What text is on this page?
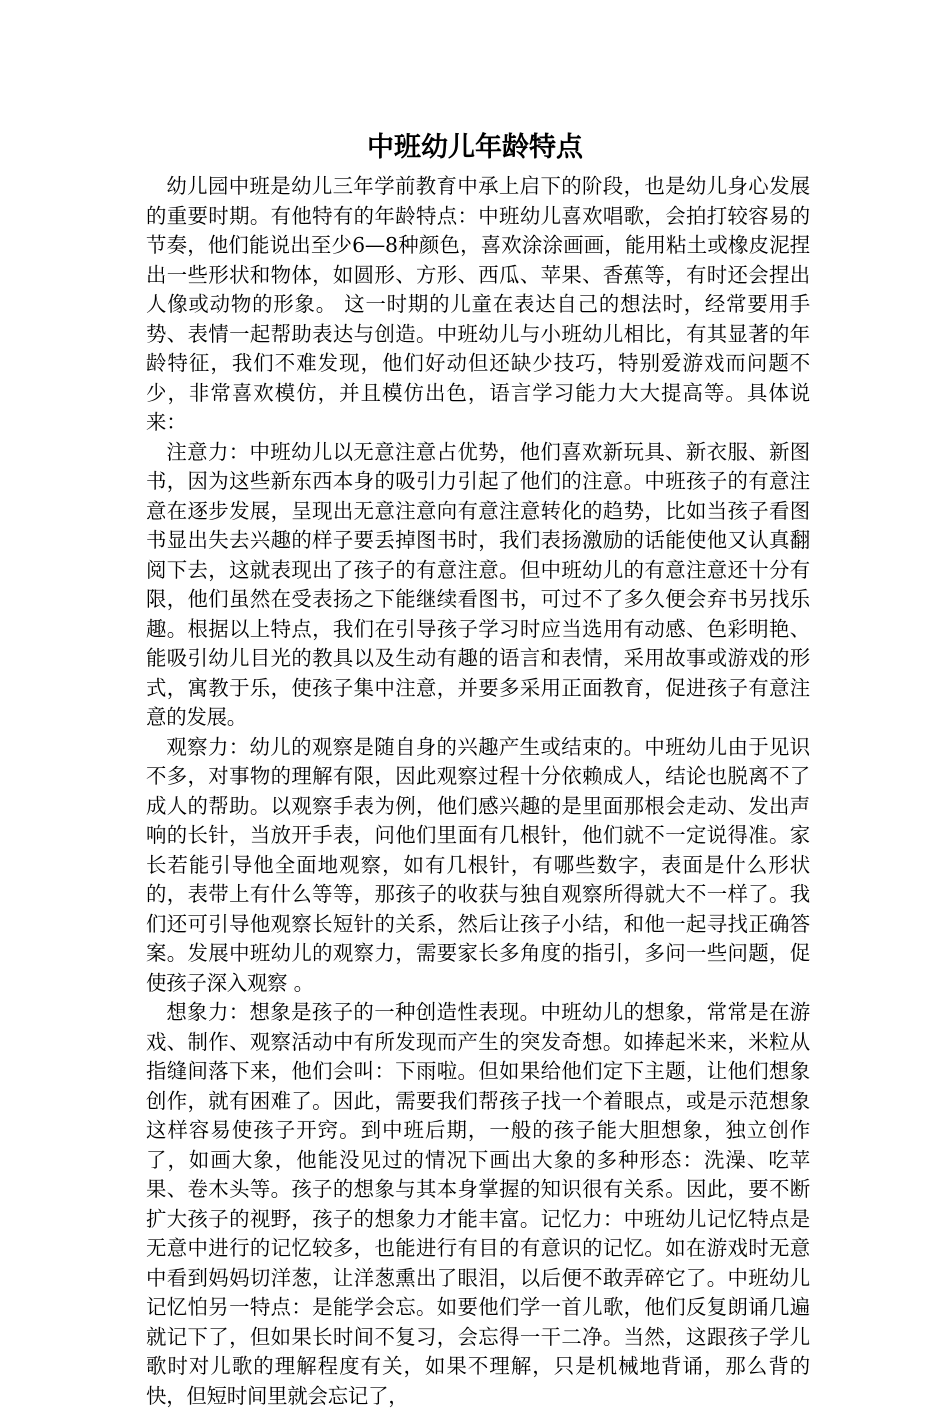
中班幼儿年龄特点

幼儿园中班是幼儿三年学前教育中承上启下的阶段，也是幼儿身心发展的重要时期。有他特有的年龄特点：中班幼儿喜欢唱歌，会拍打较容易的节奏，他们能说出至少6—8种颜色，喜欢涂涂画画，能用粘土或橡皮泥捏出一些形状和物体，如圆形、方形、西瓜、苹果、香蕉等，有时还会捏出人像或动物的形象。 这一时期的儿童在表达自己的想法时，经常要用手势、表情一起帮助表达与创造。中班幼儿与小班幼儿相比，有其显著的年龄特征，我们不难发现，他们好动但还缺少技巧，特别爱游戏而问题不少，非常喜欢模仿，并且模仿出色，语言学习能力大大提高等。具体说来：

注意力：中班幼儿以无意注意占优势，他们喜欢新玩具、新衣服、新图书，因为这些新东西本身的吸引力引起了他们的注意。中班孩子的有意注意在逐步发展，呈现出无意注意向有意注意转化的趋势，比如当孩子看图书显出失去兴趣的样子要丢掉图书时，我们表扬激励的话能使他又认真翻阅下去，这就表现出了孩子的有意注意。但中班幼儿的有意注意还十分有限，他们虽然在受表扬之下能继续看图书，可过不了多久便会弃书另找乐趣。根据以上特点，我们在引导孩子学习时应当选用有动感、色彩明艳、能吸引幼儿目光的教具以及生动有趣的语言和表情，采用故事或游戏的形式，寓教于乐，使孩子集中注意，并要多采用正面教育，促进孩子有意注意的发展。

观察力：幼儿的观察是随自身的兴趣产生或结束的。中班幼儿由于见识不多，对事物的理解有限，因此观察过程十分依赖成人，结论也脱离不了成人的帮助。以观察手表为例，他们感兴趣的是里面那根会走动、发出声响的长针，当放开手表，问他们里面有几根针，他们就不一定说得准。家长若能引导他全面地观察，如有几根针，有哪些数字，表面是什么形状的，表带上有什么等等，那孩子的收获与独自观察所得就大不一样了。我们还可引导他观察长短针的关系，然后让孩子小结，和他一起寻找正确答案。发展中班幼儿的观察力，需要家长多角度的指引，多问一些问题，促使孩子深入观察 。

想象力：想象是孩子的一种创造性表现。中班幼儿的想象，常常是在游戏、制作、观察活动中有所发现而产生的突发奇想。如捧起米来，米粒从指缝间落下来，他们会叫：下雨啦。但如果给他们定下主题，让他们想象创作，就有困难了。因此，需要我们帮孩子找一个着眼点，或是示范想象这样容易使孩子开窍。到中班后期，一般的孩子能大胆想象，独立创作了，如画大象，他能没见过的情况下画出大象的多种形态：洗澡、吃苹果、卷木头等。孩子的想象与其本身掌握的知识很有关系。因此，要不断扩大孩子的视野，孩子的想象力才能丰富。记忆力：中班幼儿记忆特点是无意中进行的记忆较多，也能进行有目的有意识的记忆。如在游戏时无意中看到妈妈切洋葱，让洋葱熏出了眼泪，以后便不敢弄碎它了。中班幼儿记忆怕另一特点：是能学会忘。如要他们学一首儿歌，他们反复朗诵几遍就记下了，但如果长时间不复习，会忘得一干二净。当然，这跟孩子学儿歌时对儿歌的理解程度有关，如果不理解，只是机械地背诵，那么背的快，但短时间里就会忘记了，
